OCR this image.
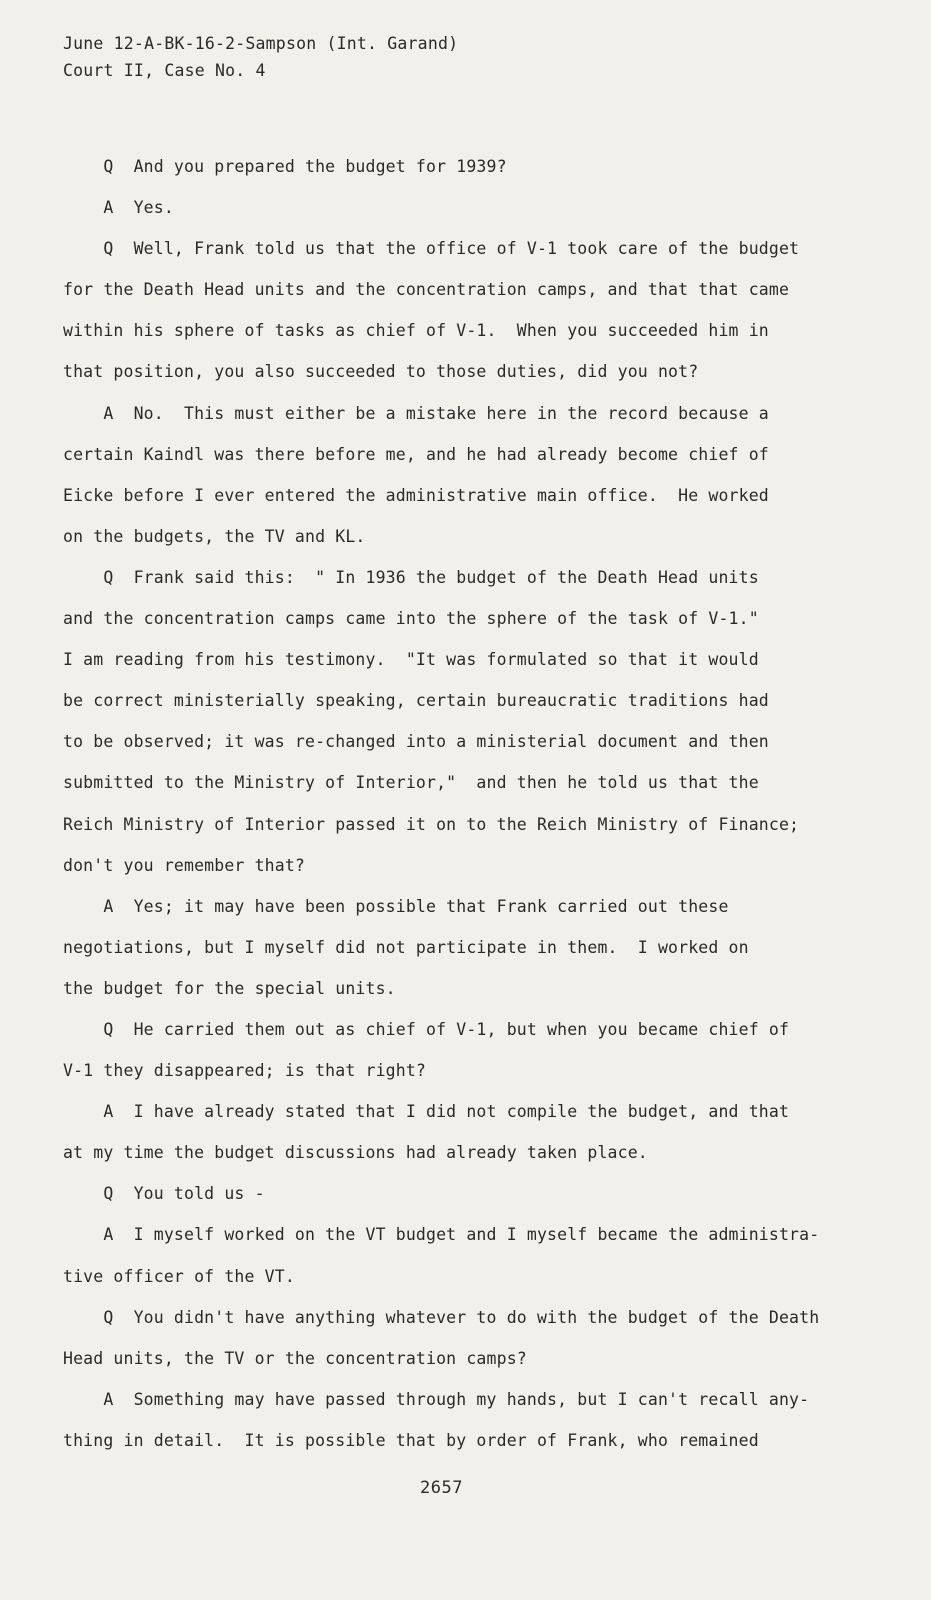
June 12-A-BK-16-2-Sampson (Int. Garand)
Court II, Case No. 4
Q  And you prepared the budget for 1939?
A  Yes.
Q  Well, Frank told us that the office of V-1 took care of the budget
for the Death Head units and the concentration camps, and that that came
within his sphere of tasks as chief of V-1.  When you succeeded him in
that position, you also succeeded to those duties, did you not?
A  No.  This must either be a mistake here in the record because a
certain Kaindl was there before me, and he had already become chief of
Eicke before I ever entered the administrative main office.  He worked
on the budgets, the TV and KL.
Q  Frank said this:  " In 1936 the budget of the Death Head units
and the concentration camps came into the sphere of the task of V-1."
I am reading from his testimony.  "It was formulated so that it would
be correct ministerially speaking, certain bureaucratic traditions had
to be observed; it was re-changed into a ministerial document and then
submitted to the Ministry of Interior,"  and then he told us that the
Reich Ministry of Interior passed it on to the Reich Ministry of Finance;
don't you remember that?
A  Yes; it may have been possible that Frank carried out these
negotiations, but I myself did not participate in them.  I worked on
the budget for the special units.
Q  He carried them out as chief of V-1, but when you became chief of
V-1 they disappeared; is that right?
A  I have already stated that I did not compile the budget, and that
at my time the budget discussions had already taken place.
Q  You told us -
A  I myself worked on the VT budget and I myself became the administra-
tive officer of the VT.
Q  You didn't have anything whatever to do with the budget of the Death
Head units, the TV or the concentration camps?
A  Something may have passed through my hands, but I can't recall any-
thing in detail.  It is possible that by order of Frank, who remained
2657
